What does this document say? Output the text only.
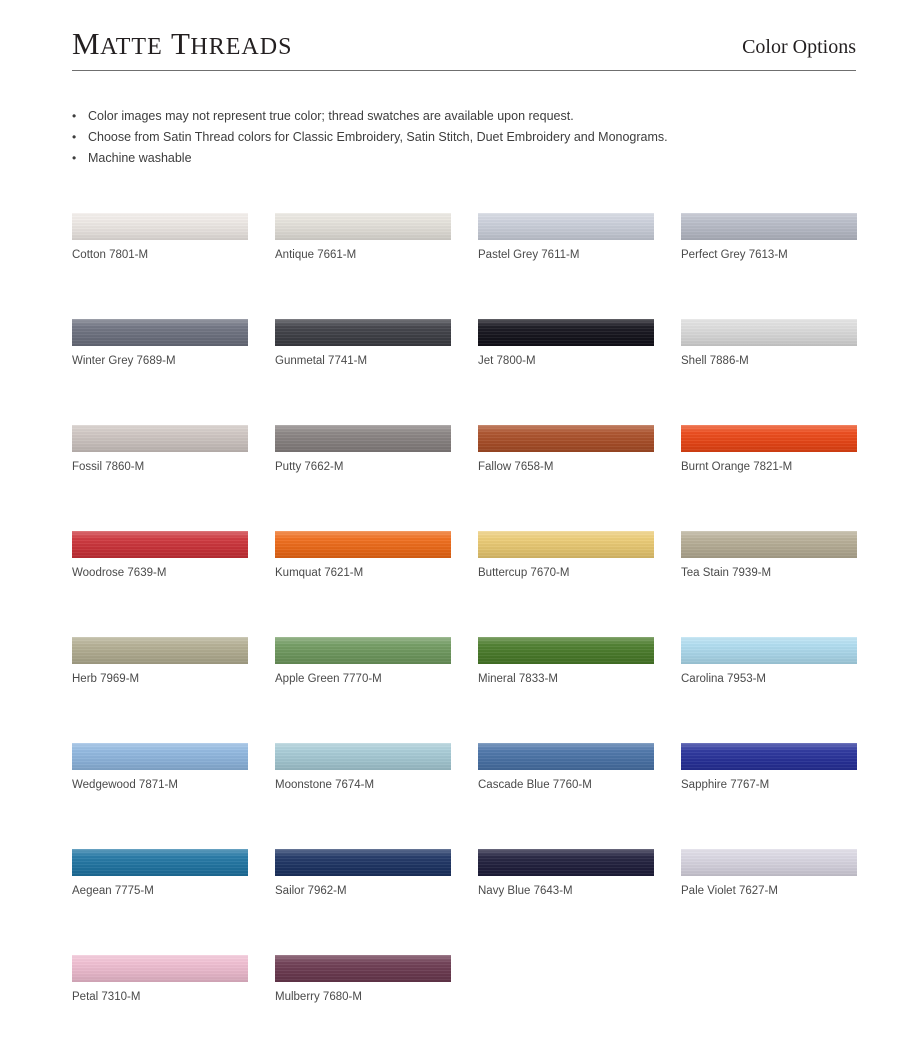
MATTE THREADS	Color Options
• Color images may not represent true color; thread swatches are available upon request.
• Choose from Satin Thread colors for Classic Embroidery, Satin Stitch, Duet Embroidery and Monograms.
• Machine washable
Cotton 7801-M	Antique 7661-M	Pastel Grey 7611-M	Perfect Grey 7613-M
Winter Grey 7689-M	Gunmetal 7741-M	Jet 7800-M	Shell 7886-M
Fossil 7860-M	Putty 7662-M	Fallow 7658-M	Burnt Orange 7821-M
Woodrose 7639-M	Kumquat 7621-M	Buttercup 7670-M	Tea Stain 7939-M
Herb 7969-M	Apple Green 7770-M	Mineral 7833-M	Carolina 7953-M
Wedgewood 7871-M	Moonstone 7674-M	Cascade Blue 7760-M	Sapphire 7767-M
Aegean 7775-M	Sailor 7962-M	Navy Blue 7643-M	Pale Violet 7627-M
Petal 7310-M	Mulberry 7680-M
